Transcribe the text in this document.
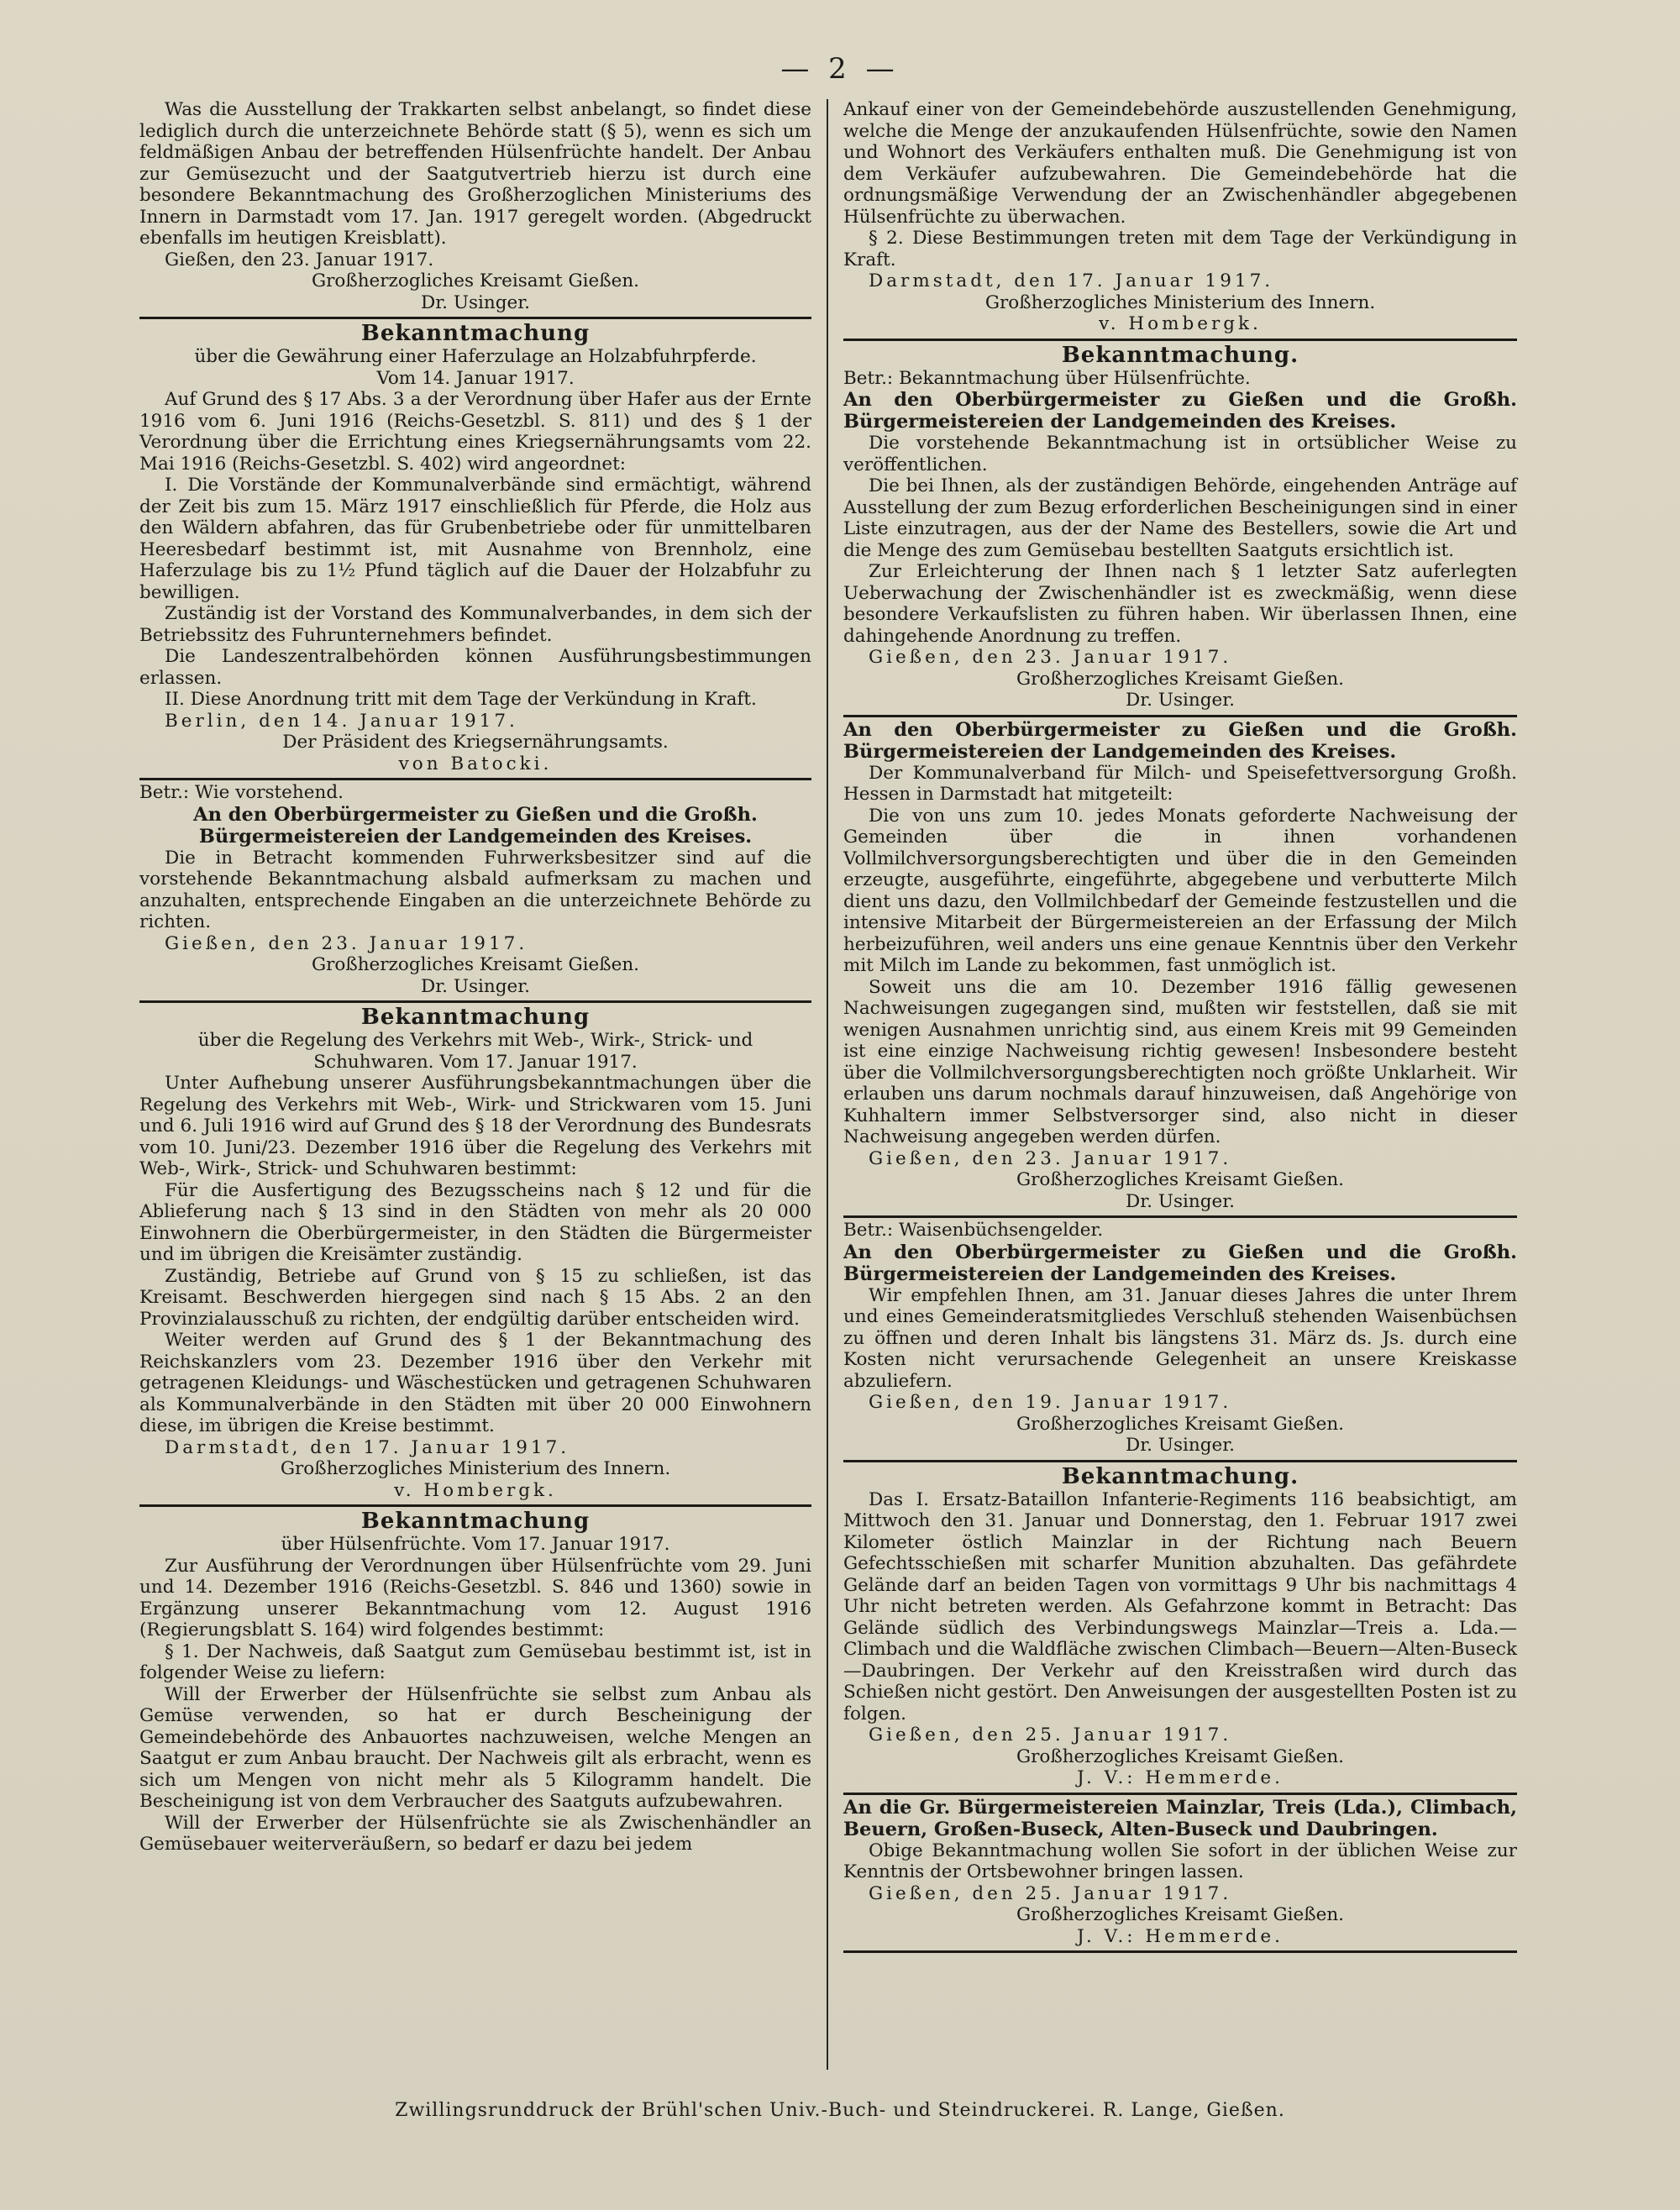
— 2 —

Was die Ausstellung der Trakkarten selbst anbelangt, so findet diese lediglich durch die unterzeichnete Behörde statt (§ 5), wenn es sich um feldmäßigen Anbau der betreffenden Hülsenfrüchte handelt. Der Anbau zur Gemüsezucht und der Saatgutvertrieb hierzu ist durch eine besondere Bekanntmachung des Großherzoglichen Ministeriums des Innern in Darmstadt vom 17. Jan. 1917 geregelt worden. (Abgedruckt ebenfalls im heutigen Kreisblatt).

Gießen, den 23. Januar 1917.

Großherzogliches Kreisamt Gießen.

Dr. Usinger.

Bekanntmachung

über die Gewährung einer Haferzulage an Holzabfuhrpferde.

Vom 14. Januar 1917.

Auf Grund des § 17 Abs. 3 a der Verordnung über Hafer aus der Ernte 1916 vom 6. Juni 1916 (Reichs-Gesetzbl. S. 811) und des § 1 der Verordnung über die Errichtung eines Kriegsernährungsamts vom 22. Mai 1916 (Reichs-Gesetzbl. S. 402) wird angeordnet:

I. Die Vorstände der Kommunalverbände sind ermächtigt, während der Zeit bis zum 15. März 1917 einschließlich für Pferde, die Holz aus den Wäldern abfahren, das für Grubenbetriebe oder für unmittelbaren Heeresbedarf bestimmt ist, mit Ausnahme von Brennholz, eine Haferzulage bis zu 1½ Pfund täglich auf die Dauer der Holzabfuhr zu bewilligen.

Zuständig ist der Vorstand des Kommunalverbandes, in dem sich der Betriebssitz des Fuhrunternehmers befindet.

Die Landeszentralbehörden können Ausführungsbestimmungen erlassen.

II. Diese Anordnung tritt mit dem Tage der Verkündung in Kraft.

Berlin, den 14. Januar 1917.

Der Präsident des Kriegsernährungsamts.

von Batocki.

Betr.: Wie vorstehend.

An den Oberbürgermeister zu Gießen und die Großh. Bürgermeistereien der Landgemeinden des Kreises.

Die in Betracht kommenden Fuhrwerksbesitzer sind auf die vorstehende Bekanntmachung alsbald aufmerksam zu machen und anzuhalten, entsprechende Eingaben an die unterzeichnete Behörde zu richten.

Gießen, den 23. Januar 1917.

Großherzogliches Kreisamt Gießen.

Dr. Usinger.

Bekanntmachung

über die Regelung des Verkehrs mit Web-, Wirk-, Strick- und Schuhwaren. Vom 17. Januar 1917.

Unter Aufhebung unserer Ausführungsbekanntmachungen über die Regelung des Verkehrs mit Web-, Wirk- und Strickwaren vom 15. Juni und 6. Juli 1916 wird auf Grund des § 18 der Verordnung des Bundesrats vom 10. Juni/23. Dezember 1916 über die Regelung des Verkehrs mit Web-, Wirk-, Strick- und Schuhwaren bestimmt:

Für die Ausfertigung des Bezugsscheins nach § 12 und für die Ablieferung nach § 13 sind in den Städten von mehr als 20 000 Einwohnern die Oberbürgermeister, in den Städten die Bürgermeister und im übrigen die Kreisämter zuständig.

Zuständig, Betriebe auf Grund von § 15 zu schließen, ist das Kreisamt. Beschwerden hiergegen sind nach § 15 Abs. 2 an den Provinzialausschuß zu richten, der endgültig darüber entscheiden wird.

Weiter werden auf Grund des § 1 der Bekanntmachung des Reichskanzlers vom 23. Dezember 1916 über den Verkehr mit getragenen Kleidungs- und Wäschestücken und getragenen Schuhwaren als Kommunalverbände in den Städten mit über 20 000 Einwohnern diese, im übrigen die Kreise bestimmt.

Darmstadt, den 17. Januar 1917.

Großherzogliches Ministerium des Innern.

v. Hombergk.

Bekanntmachung

über Hülsenfrüchte. Vom 17. Januar 1917.

Zur Ausführung der Verordnungen über Hülsenfrüchte vom 29. Juni und 14. Dezember 1916 (Reichs-Gesetzbl. S. 846 und 1360) sowie in Ergänzung unserer Bekanntmachung vom 12. August 1916 (Regierungsblatt S. 164) wird folgendes bestimmt:

§ 1. Der Nachweis, daß Saatgut zum Gemüsebau bestimmt ist, ist in folgender Weise zu liefern:

Will der Erwerber der Hülsenfrüchte sie selbst zum Anbau als Gemüse verwenden, so hat er durch Bescheinigung der Gemeindebehörde des Anbauortes nachzuweisen, welche Mengen an Saatgut er zum Anbau braucht. Der Nachweis gilt als erbracht, wenn es sich um Mengen von nicht mehr als 5 Kilogramm handelt. Die Bescheinigung ist von dem Verbraucher des Saatguts aufzubewahren.

Will der Erwerber der Hülsenfrüchte sie als Zwischenhändler an Gemüsebauer weiterveräußern, so bedarf er dazu bei jedem

Ankauf einer von der Gemeindebehörde auszustellenden Genehmigung, welche die Menge der anzukaufenden Hülsenfrüchte, sowie den Namen und Wohnort des Verkäufers enthalten muß. Die Genehmigung ist von dem Verkäufer aufzubewahren. Die Gemeindebehörde hat die ordnungsmäßige Verwendung der an Zwischenhändler abgegebenen Hülsenfrüchte zu überwachen.

§ 2. Diese Bestimmungen treten mit dem Tage der Verkündigung in Kraft.

Darmstadt, den 17. Januar 1917.

Großherzogliches Ministerium des Innern.

v. Hombergk.

Bekanntmachung.

Betr.: Bekanntmachung über Hülsenfrüchte.

An den Oberbürgermeister zu Gießen und die Großh. Bürgermeistereien der Landgemeinden des Kreises.

Die vorstehende Bekanntmachung ist in ortsüblicher Weise zu veröffentlichen.

Die bei Ihnen, als der zuständigen Behörde, eingehenden Anträge auf Ausstellung der zum Bezug erforderlichen Bescheinigungen sind in einer Liste einzutragen, aus der der Name des Bestellers, sowie die Art und die Menge des zum Gemüsebau bestellten Saatguts ersichtlich ist.

Zur Erleichterung der Ihnen nach § 1 letzter Satz auferlegten Ueberwachung der Zwischenhändler ist es zweckmäßig, wenn diese besondere Verkaufslisten zu führen haben. Wir überlassen Ihnen, eine dahingehende Anordnung zu treffen.

Gießen, den 23. Januar 1917.

Großherzogliches Kreisamt Gießen.

Dr. Usinger.

An den Oberbürgermeister zu Gießen und die Großh. Bürgermeistereien der Landgemeinden des Kreises.

Der Kommunalverband für Milch- und Speisefettversorgung Großh. Hessen in Darmstadt hat mitgeteilt:

Die von uns zum 10. jedes Monats geforderte Nachweisung der Gemeinden über die in ihnen vorhandenen Vollmilchversorgungsberechtigten und über die in den Gemeinden erzeugte, ausgeführte, eingeführte, abgegebene und verbutterte Milch dient uns dazu, den Vollmilchbedarf der Gemeinde festzustellen und die intensive Mitarbeit der Bürgermeistereien an der Erfassung der Milch herbeizuführen, weil anders uns eine genaue Kenntnis über den Verkehr mit Milch im Lande zu bekommen, fast unmöglich ist.

Soweit uns die am 10. Dezember 1916 fällig gewesenen Nachweisungen zugegangen sind, mußten wir feststellen, daß sie mit wenigen Ausnahmen unrichtig sind, aus einem Kreis mit 99 Gemeinden ist eine einzige Nachweisung richtig gewesen! Insbesondere besteht über die Vollmilchversorgungsberechtigten noch größte Unklarheit. Wir erlauben uns darum nochmals darauf hinzuweisen, daß Angehörige von Kuhhaltern immer Selbstversorger sind, also nicht in dieser Nachweisung angegeben werden dürfen.

Gießen, den 23. Januar 1917.

Großherzogliches Kreisamt Gießen.

Dr. Usinger.

Betr.: Waisenbüchsengelder.

An den Oberbürgermeister zu Gießen und die Großh. Bürgermeistereien der Landgemeinden des Kreises.

Wir empfehlen Ihnen, am 31. Januar dieses Jahres die unter Ihrem und eines Gemeinderatsmitgliedes Verschluß stehenden Waisenbüchsen zu öffnen und deren Inhalt bis längstens 31. März ds. Js. durch eine Kosten nicht verursachende Gelegenheit an unsere Kreiskasse abzuliefern.

Gießen, den 19. Januar 1917.

Großherzogliches Kreisamt Gießen.

Dr. Usinger.

Bekanntmachung.

Das I. Ersatz-Bataillon Infanterie-Regiments 116 beabsichtigt, am Mittwoch den 31. Januar und Donnerstag, den 1. Februar 1917 zwei Kilometer östlich Mainzlar in der Richtung nach Beuern Gefechtsschießen mit scharfer Munition abzuhalten. Das gefährdete Gelände darf an beiden Tagen von vormittags 9 Uhr bis nachmittags 4 Uhr nicht betreten werden. Als Gefahrzone kommt in Betracht: Das Gelände südlich des Verbindungswegs Mainzlar—Treis a. Lda.—Climbach und die Waldfläche zwischen Climbach—Beuern—Alten-Buseck—Daubringen. Der Verkehr auf den Kreisstraßen wird durch das Schießen nicht gestört. Den Anweisungen der ausgestellten Posten ist zu folgen.

Gießen, den 25. Januar 1917.

Großherzogliches Kreisamt Gießen.

J. V.: Hemmerde.

An die Gr. Bürgermeistereien Mainzlar, Treis (Lda.), Climbach, Beuern, Großen-Buseck, Alten-Buseck und Daubringen.

Obige Bekanntmachung wollen Sie sofort in der üblichen Weise zur Kenntnis der Ortsbewohner bringen lassen.

Gießen, den 25. Januar 1917.

Großherzogliches Kreisamt Gießen.

J. V.: Hemmerde.

Zwillingsrunddruck der Brühl'schen Univ.-Buch- und Steindruckerei. R. Lange, Gießen.
